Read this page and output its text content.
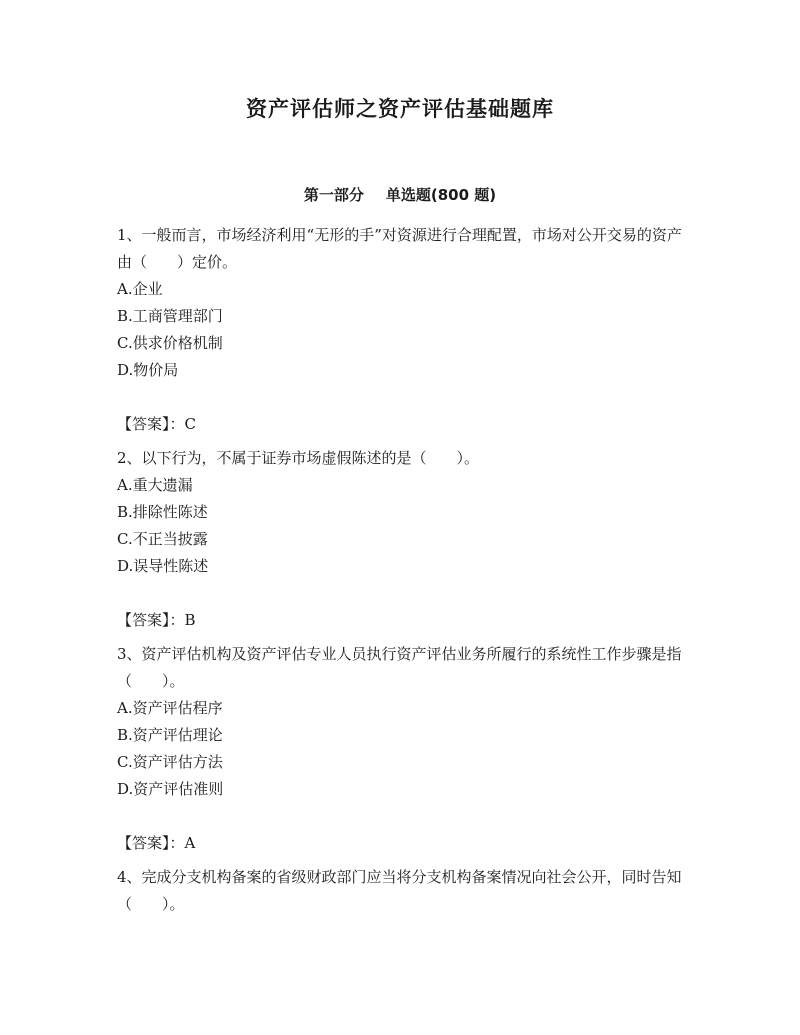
资产评估师之资产评估基础题库
第一部分 单选题(800 题)

1、一般而言，市场经济利用“无形的手”对资源进行合理配置，市场对公开交易的资产由（　　）定价。

A.企业

B.工商管理部门

C.供求价格机制

D.物价局

【答案】：C

2、以下行为，不属于证券市场虚假陈述的是（　　）。

A.重大遗漏

B.排除性陈述

C.不正当披露

D.误导性陈述

【答案】：B

3、资产评估机构及资产评估专业人员执行资产评估业务所履行的系统性工作步骤是指（　　）。

A.资产评估程序

B.资产评估理论

C.资产评估方法

D.资产评估准则

【答案】：A

4、完成分支机构备案的省级财政部门应当将分支机构备案情况向社会公开，同时告知（　　）。
